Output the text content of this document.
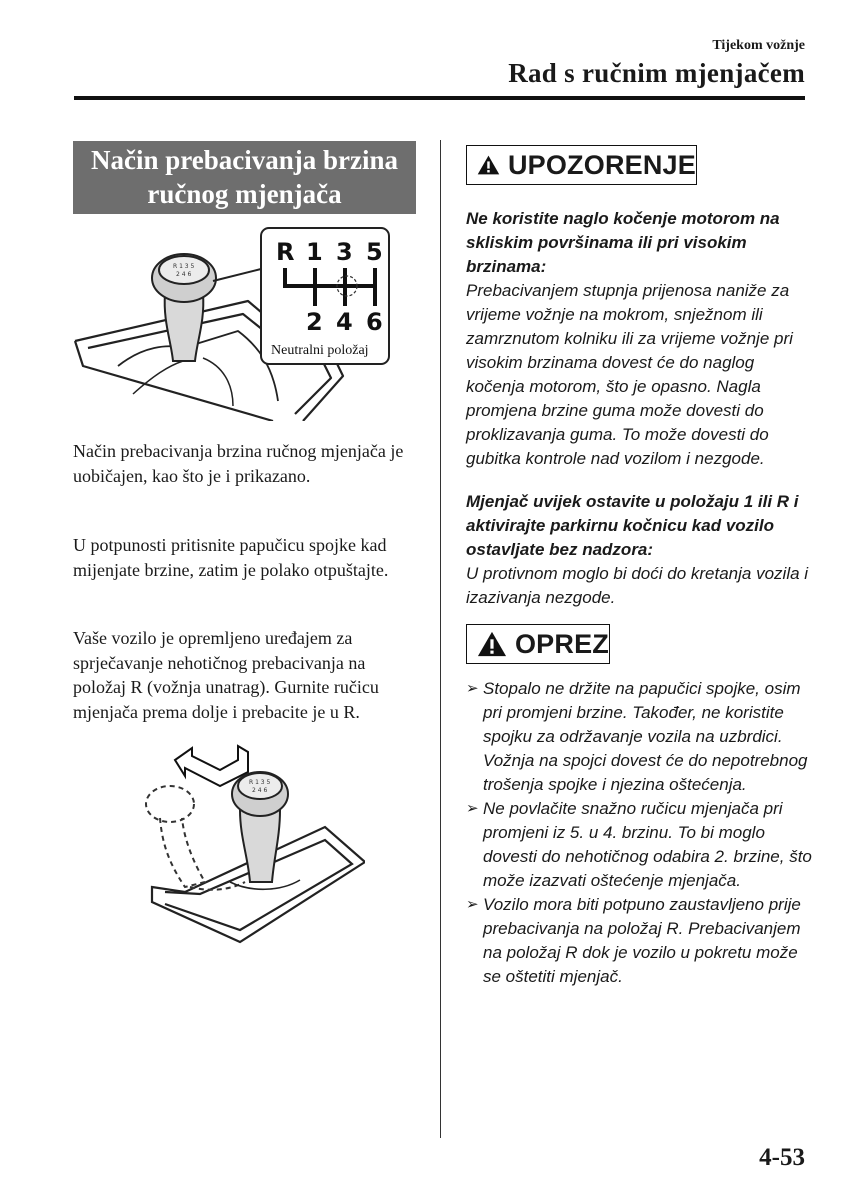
Tijekom vožnje
Rad s ručnim mjenjačem
Način prebacivanja brzina
ručnog mjenjača
R 1 3 5
2 4 6
R 1 3 5
2 4 6
Neutralni položaj

Način prebacivanja brzina ručnog mjenjača je uobičajen, kao što je i prikazano.

U potpunosti pritisnite papučicu spojke kad mijenjate brzine, zatim je polako otpuštajte.

Vaše vozilo je opremljeno uređajem za sprječavanje nehotičnog prebacivanja na položaj R (vožnja unatrag). Gurnite ručicu mjenjača prema dolje i prebacite je u R.

R 1 3 5
2 4 6
UPOZORENJE
Ne koristite naglo kočenje motorom na skliskim površinama ili pri visokim brzinama:
Prebacivanjem stupnja prijenosa naniže za vrijeme vožnje na mokrom, snježnom ili zamrznutom kolniku ili za vrijeme vožnje pri visokim brzinama dovest će do naglog kočenja motorom, što je opasno. Nagla promjena brzine guma može dovesti do proklizavanja guma. To može dovesti do gubitka kontrole nad vozilom i nezgode.
Mjenjač uvijek ostavite u položaju 1 ili R i aktivirajte parkirnu kočnicu kad vozilo ostavljate bez nadzora:
U protivnom moglo bi doći do kretanja vozila i izazivanja nezgode.
OPREZ
➢ Stopalo ne držite na papučici spojke, osim pri promjeni brzine. Također, ne koristite spojku za održavanje vozila na uzbrdici. Vožnja na spojci dovest će do nepotrebnog trošenja spojke i njezina oštećenja.
➢ Ne povlačite snažno ručicu mjenjača pri promjeni iz 5. u 4. brzinu. To bi moglo dovesti do nehotičnog odabira 2. brzine, što može izazvati oštećenje mjenjača.
➢ Vozilo mora biti potpuno zaustavljeno prije prebacivanja na položaj R. Prebacivanjem na položaj R dok je vozilo u pokretu može se oštetiti mjenjač.
4-53
